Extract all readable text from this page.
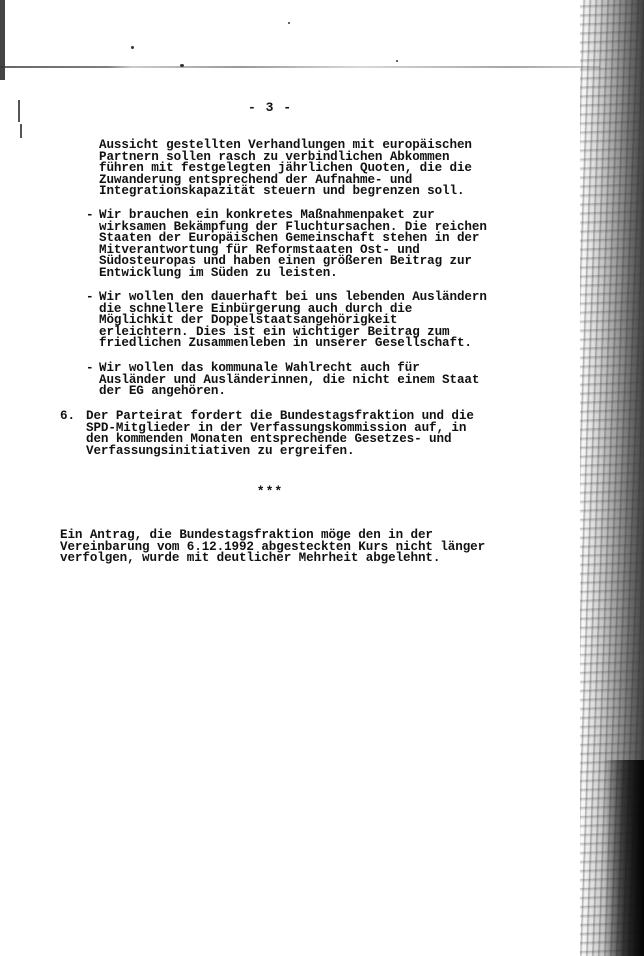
- 3 -
Aussicht gestellten Verhandlungen mit europäischen
Partnern sollen rasch zu verbindlichen Abkommen
führen mit festgelegten jährlichen Quoten, die die
Zuwanderung entsprechend der Aufnahme- und
Integrationskapazität steuern und begrenzen soll.
- Wir brauchen ein konkretes Maßnahmenpaket zur
wirksamen Bekämpfung der Fluchtursachen. Die reichen
Staaten der Europäischen Gemeinschaft stehen in der
Mitverantwortung für Reformstaaten Ost- und
Südosteuropas und haben einen größeren Beitrag zur
Entwicklung im Süden zu leisten.
- Wir wollen den dauerhaft bei uns lebenden Ausländern
die schnellere Einbürgerung auch durch die
Möglichkit der Doppelstaatsangehörigkeit
erleichtern. Dies ist ein wichtiger Beitrag zum
friedlichen Zusammenleben in unserer Gesellschaft.
- Wir wollen das kommunale Wahlrecht auch für
Ausländer und Ausländerinnen, die nicht einem Staat
der EG angehören.
6. Der Parteirat fordert die Bundestagsfraktion und die
SPD-Mitglieder in der Verfassungskommission auf, in
den kommenden Monaten entsprechende Gesetzes- und
Verfassungsinitiativen zu ergreifen.
***
Ein Antrag, die Bundestagsfraktion möge den in der
Vereinbarung vom 6.12.1992 abgesteckten Kurs nicht länger
verfolgen, wurde mit deutlicher Mehrheit abgelehnt.
